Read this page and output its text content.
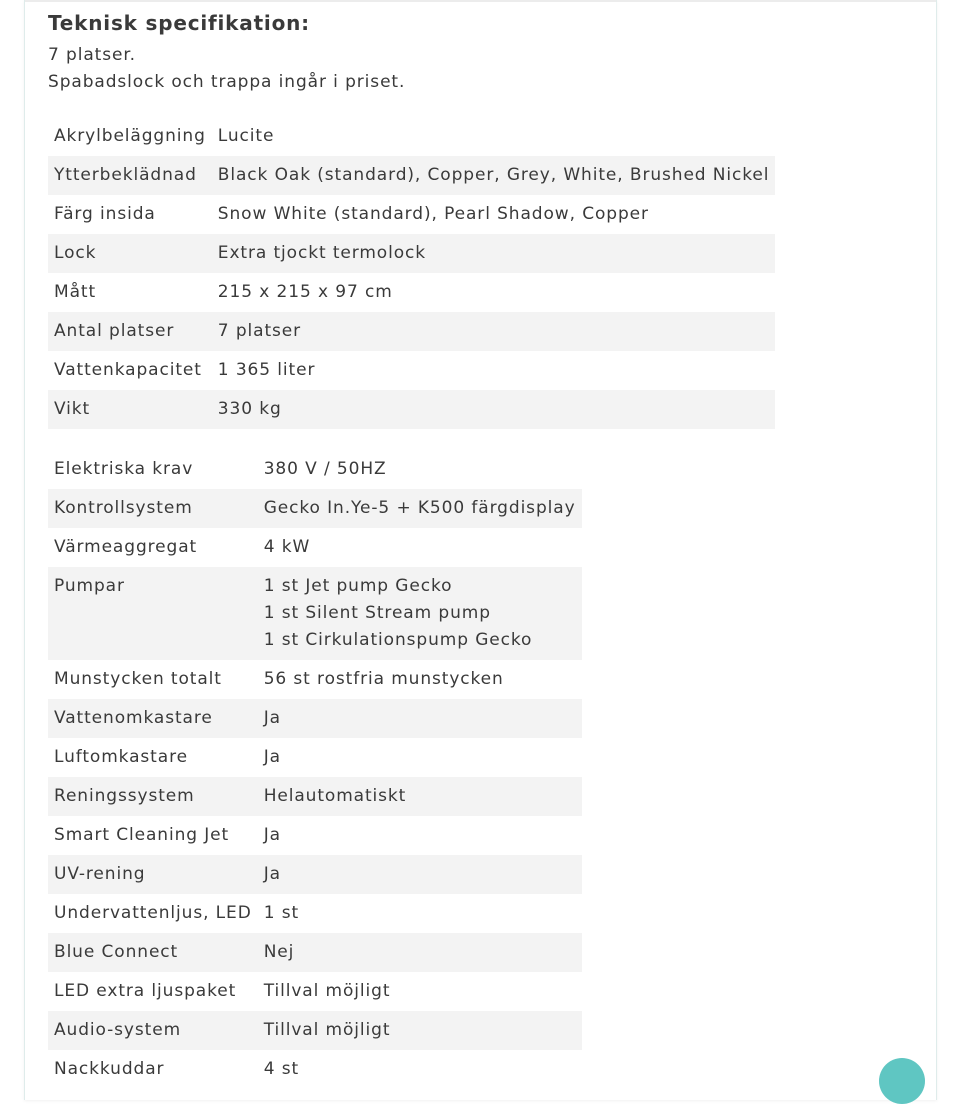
Teknisk specifikation:

7 platser.

Spabadslock och trappa ingår i priset.

Akrylbeläggning	Lucite

Ytterbeklädnad	Black Oak (standard), Copper, Grey, White, Brushed Nickel

Färg insida	Snow White (standard), Pearl Shadow, Copper

Lock	Extra tjockt termolock

Mått	215 x 215 x 97 cm

Antal platser	7 platser

Vattenkapacitet	1 365 liter

Vikt	330 kg
Elektriska krav	380 V / 50HZ

Kontrollsystem	Gecko In.Ye-5 + K500 färgdisplay

Värmeaggregat	4 kW

Pumpar	1 st Jet pump Gecko
1 st Silent Stream pump
1 st Cirkulationspump Gecko

Munstycken totalt	56 st rostfria munstycken

Vattenomkastare	Ja

Luftomkastare	Ja

Reningssystem	Helautomatiskt

Smart Cleaning Jet	Ja

UV-rening	Ja

Undervattenljus, LED	1 st

Blue Connect	Nej

LED extra ljuspaket	Tillval möjligt

Audio-system	Tillval möjligt

Nackkuddar	4 st
